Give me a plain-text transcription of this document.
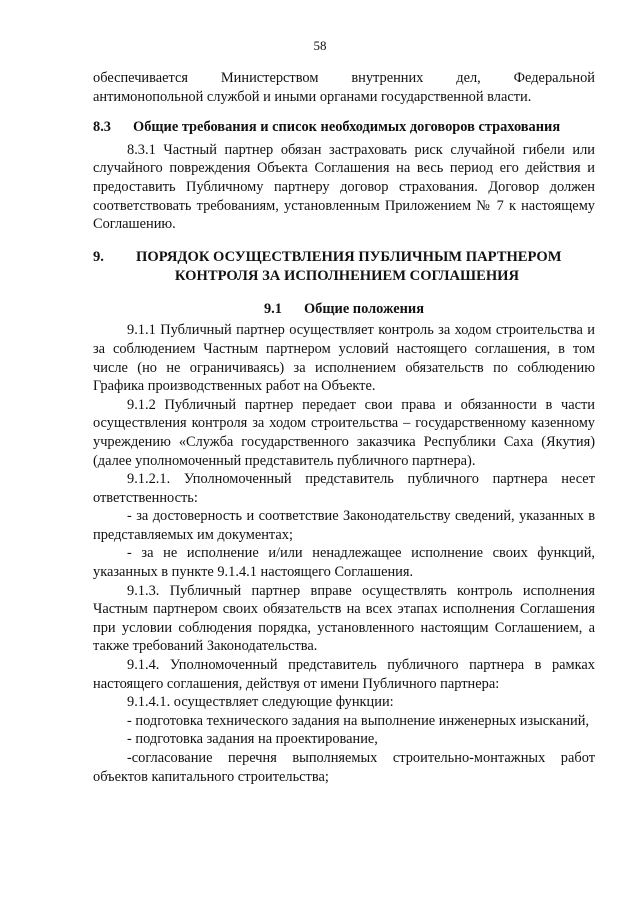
58

обеспечивается Министерством внутренних дел, Федеральной

антимонопольной службой и иными органами государственной власти.

8.3	Общие требования и список необходимых договоров страхования

8.3.1 Частный партнер обязан застраховать риск случайной гибели или случайного повреждения Объекта Соглашения на весь период его действия и предоставить Публичному партнеру договор страхования. Договор должен соответствовать требованиям, установленным Приложением № 7 к настоящему Соглашению.

9.	ПОРЯДОК ОСУЩЕСТВЛЕНИЯ ПУБЛИЧНЫМ ПАРТНЕРОМ
КОНТРОЛЯ ЗА ИСПОЛНЕНИЕМ СОГЛАШЕНИЯ
9.1 Общие положения

9.1.1 Публичный партнер осуществляет контроль за ходом строительства и за соблюдением Частным партнером условий настоящего соглашения, в том числе (но не ограничиваясь) за исполнением обязательств по соблюдению Графика производственных работ на Объекте.

9.1.2 Публичный партнер передает свои права и обязанности в части осуществления контроля за ходом строительства – государственному казенному учреждению «Служба государственного заказчика Республики Саха (Якутия) (далее уполномоченный представитель публичного партнера).

9.1.2.1. Уполномоченный представитель публичного партнера несет ответственность:

- за достоверность и соответствие Законодательству сведений, указанных в представляемых им документах;

- за не исполнение и/или ненадлежащее исполнение своих функций, указанных в пункте 9.1.4.1 настоящего Соглашения.

9.1.3. Публичный партнер вправе осуществлять контроль исполнения Частным партнером своих обязательств на всех этапах исполнения Соглашения при условии соблюдения порядка, установленного настоящим Соглашением, а также требований Законодательства.

9.1.4. Уполномоченный представитель публичного партнера в рамках настоящего соглашения, действуя от имени Публичного партнера:

9.1.4.1. осуществляет следующие функции:

- подготовка технического задания на выполнение инженерных изысканий,

- подготовка задания на проектирование,

-согласование перечня выполняемых строительно-монтажных работ объектов капитального строительства;
